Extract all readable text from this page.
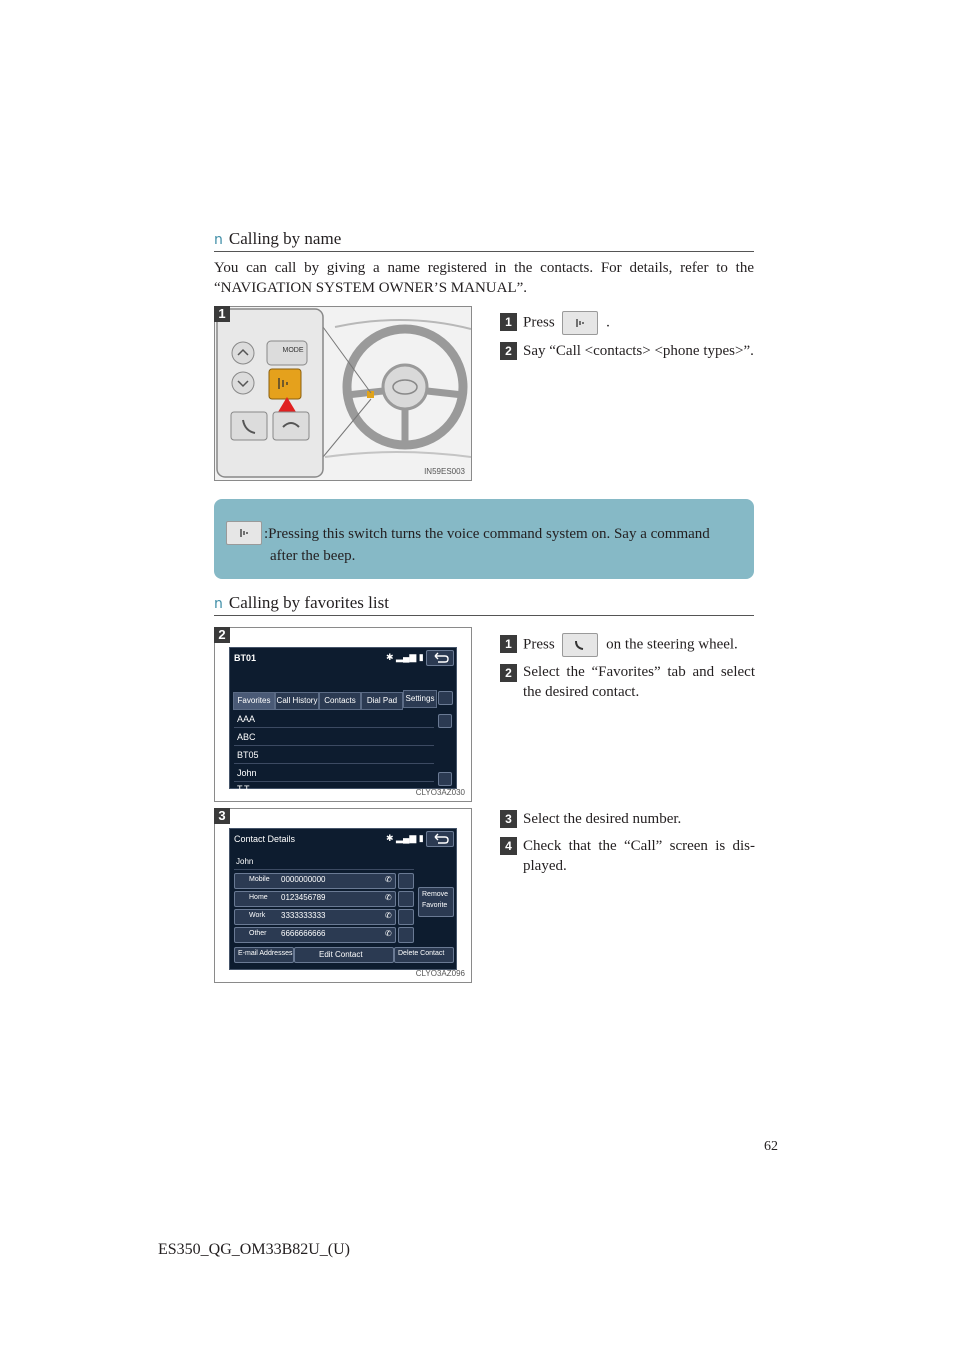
n Calling by name
You can call by giving a name registered in the contacts. For details, refer to the “NAVIGATION SYSTEM OWNER’S MANUAL”.
MODE
IN59ES003
1
1 Press	.
2 Say “Call <contacts> <phone types>”.
:Pressing this switch turns the voice command system on. Say a command
after the beep.
n Calling by favorites list
BT01	✱ ▂▄▆ ▮
Favorites Call History Contacts	Dial Pad	Settings
AAA
ABC
BT05
John
T.T	CLYO3AZ030
2
1 Press	on the steering wheel.
2 Select the “Favorites” tab and select the desired contact.
Contact Details	✱ ▂▄▆ ▮
John
Mobile 0000000000	✆
Home 0123456789	✆
Work 3333333333	✆
Other 6666666666	✆
Remove
Favorite
E-mail Addresses	Edit Contact	Delete Contact
CLYO3AZ096
3	3 Select the desired number.
4 Check that the “Call” screen is dis-played.
62
ES350_QG_OM33B82U_(U)
